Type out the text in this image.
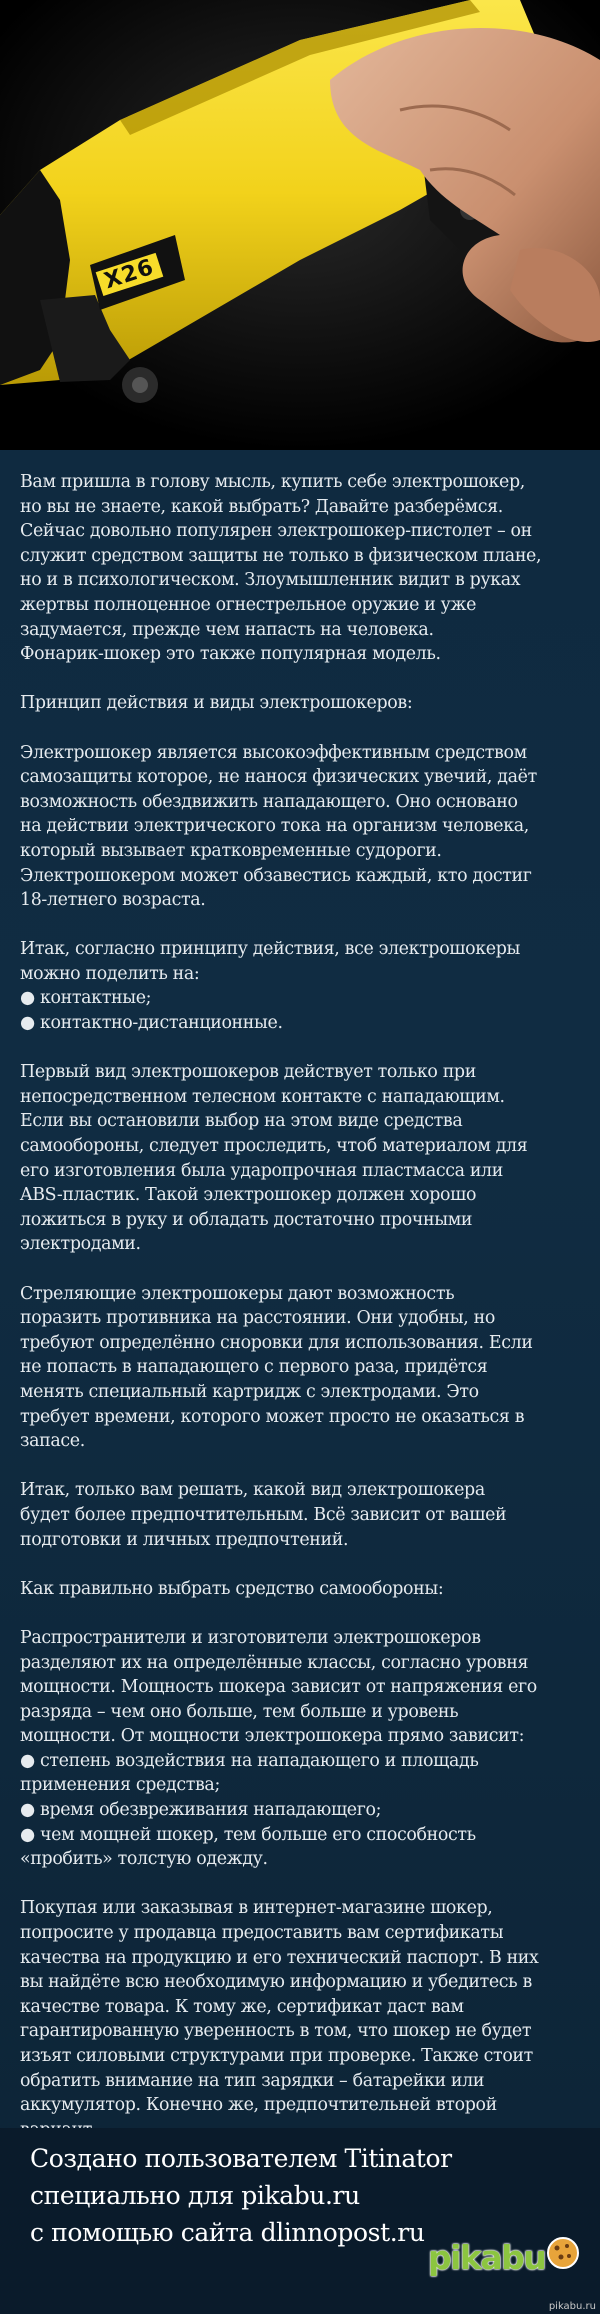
X26

Вам пришла в голову мысль, купить себе электрошокер,
но вы не знаете, какой выбрать? Давайте разберёмся.
Сейчас довольно популярен электрошокер-пистолет – он
служит средством защиты не только в физическом плане,
но и в психологическом. Злоумышленник видит в руках
жертвы полноценное огнестрельное оружие и уже
задумается, прежде чем напасть на человека.
Фонарик-шокер это также популярная модель.

Принцип действия и виды электрошокеров:

Электрошокер является высокоэффективным средством
самозащиты которое, не нанося физических увечий, даёт
возможность обездвижить нападающего. Оно основано
на действии электрического тока на организм человека,
который вызывает кратковременные судороги.
Электрошокером может обзавестись каждый, кто достиг
18-летнего возраста.

Итак, согласно принципу действия, все электрошокеры
можно поделить на:
● контактные;
● контактно-дистанционные.

Первый вид электрошокеров действует только при
непосредственном телесном контакте с нападающим.
Если вы остановили выбор на этом виде средства
самообороны, следует проследить, чтоб материалом для
его изготовления была ударопрочная пластмасса или
ABS-пластик. Такой электрошокер должен хорошо
ложиться в руку и обладать достаточно прочными
электродами.

Стреляющие электрошокеры дают возможность
поразить противника на расстоянии. Они удобны, но
требуют определённо сноровки для использования. Если
не попасть в нападающего с первого раза, придётся
менять специальный картридж с электродами. Это
требует времени, которого может просто не оказаться в
запасе.

Итак, только вам решать, какой вид электрошокера
будет более предпочтительным. Всё зависит от вашей
подготовки и личных предпочтений.

Как правильно выбрать средство самообороны:

Распространители и изготовители электрошокеров
разделяют их на определённые классы, согласно уровня
мощности. Мощность шокера зависит от напряжения его
разряда – чем оно больше, тем больше и уровень
мощности. От мощности электрошокера прямо зависит:
● степень воздействия на нападающего и площадь
применения средства;
● время обезвреживания нападающего;
● чем мощней шокер, тем больше его способность
«пробить» толстую одежду.

Покупая или заказывая в интернет-магазине шокер,
попросите у продавца предоставить вам сертификаты
качества на продукцию и его технический паспорт. В них
вы найдёте всю необходимую информацию и убедитесь в
качестве товара. К тому же, сертификат даст вам
гарантированную уверенность в том, что шокер не будет
изъят силовыми структурами при проверке. Также стоит
обратить внимание на тип зарядки – батарейки или
аккумулятор. Конечно же, предпочтительней второй

Создано пользователем Titinator
специально для pikabu.ru
с помощью сайта dlinnopost.ru
pikabu
pikabu.ru
